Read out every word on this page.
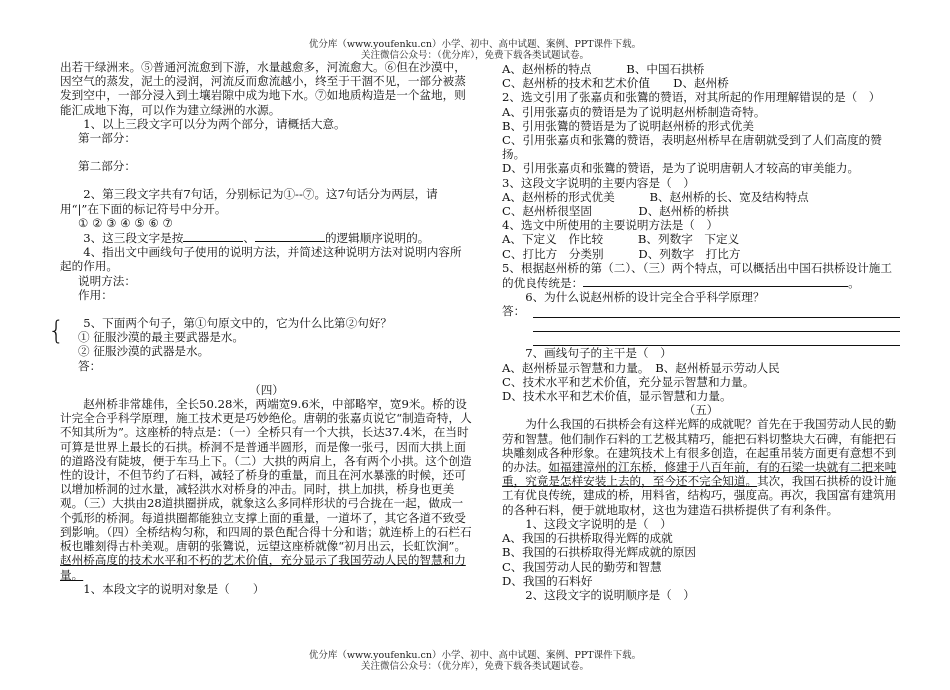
优分库（www.youfenku.cn）小学、初中、高中试题、案例、PPT课件下载。
关注微信公众号：（优分库），免费下载各类试题试卷。

出若干绿洲来。⑤普通河流愈到下游，水量越愈多，河流愈大。⑥但在沙漠中，因空气的蒸发，泥土的浸润，河流反而愈流越小，终至于干涸不见，一部分被蒸发到空中，一部分浸入到土壤岩隙中成为地下水。⑦如地质构造是一个盆地，则能汇成地下海，可以作为建立绿洲的水源。

1、以上三段文字可以分为两个部分，请概括大意。

第一部分：

第二部分：

2、第三段文字共有7句话，分别标记为①--⑦。这7句话分为两层，请用“|”在下面的标记符号中分开。

① ② ③ ④ ⑤ ⑥ ⑦

3、这三段文字是按	、	的逻辑顺序说明的。

4、指出文中画线句子使用的说明方法，并简述这种说明方法对说明内容所起的作用。

说明方法：

作用：

5、下面两个句子，第①句原文中的，它为什么比第②句好？

{	① 征服沙漠的最主要武器是水。

② 征服沙漠的武器是水。

答：

（四）

赵州桥非常雄伟，全长50.28米，两端宽9.6米，中部略窄，宽9米。桥的设计完全合乎科学原理，施工技术更是巧妙绝伦。唐朝的张嘉贞说它“制造奇特，人不知其所为”。这座桥的特点是：（一）全桥只有一个大拱，长达37.4米，在当时可算是世界上最长的石拱。桥洞不是普通半圆形，而是像一张弓，因而大拱上面的道路没有陡坡，便于车马上下。（二）大拱的两肩上，各有两个小拱。这个创造性的设计，不但节约了石料，减轻了桥身的重量，而且在河水暴涨的时候，还可以增加桥洞的过水量，减轻洪水对桥身的冲击。同时，拱上加拱，桥身也更美观。（三）大拱由28道拱圈拼成，就象这么多同样形状的弓合拢在一起，做成一个弧形的桥洞。每道拱圈都能独立支撑上面的重量，一道坏了，其它各道不致受到影响。（四）全桥结构匀称，和四周的景色配合得十分和谐；就连桥上的石栏石板也雕刻得古朴美观。唐朝的张鷟说，远望这座桥就像“初月出云，长虹饮涧”。赵州桥高度的技术水平和不朽的艺术价值，充分显示了我国劳动人民的智慧和力量。

1、本段文字的说明对象是（　　）

A、赵州桥的特点　　　B、中国石拱桥

C、赵州桥的技术和艺术价值　　D、赵州桥

2、选文引用了张嘉贞和张鷟的赞语，对其所起的作用理解错误的是（　）

A、引用张嘉贞的赞语是为了说明赵州桥制造奇特。

B、引用张鷟的赞语是为了说明赵州桥的形式优美

C、引用张嘉贞和张鷟的赞语，表明赵州桥早在唐朝就受到了人们高度的赞扬。

D、引用张嘉贞和张鷟的赞语，是为了说明唐朝人才较高的审美能力。

3、这段文字说明的主要内容是（　）

A、赵州桥的形式优美　　　B、赵州桥的长、宽及结构特点

C、赵州桥很坚固　　　　D、赵州桥的桥拱

4、选文中所使用的主要说明方法是（　）

A、下定义　作比较　　　B、列数字　下定义

C、打比方　分类别　　　D、列数字　打比方

5、根据赵州桥的第（二）、（三）两个特点，可以概括出中国石拱桥设计施工的优良传统是：	。

6、为什么说赵州桥的设计完全合乎科学原理？

答：

7、画线句子的主干是（　）

A、赵州桥显示智慧和力量。　B、赵州桥显示劳动人民

C、技术水平和艺术价值，充分显示智慧和力量。

D、技术水平和艺术价值，显示智慧和力量。

（五）

为什么我国的石拱桥会有这样光辉的成就呢？首先在于我国劳动人民的勤劳和智慧。他们制作石料的工艺极其精巧，能把石料切整块大石碑，有能把石块雕刻成各种形象。在建筑技术上有很多创造，在起重吊装方面更有意想不到的办法。如福建漳州的江东桥，修建于八百年前，有的石梁一块就有二把来吨重，究竟是怎样安装上去的，至今还不完全知道。其次，我国石拱桥的设计施工有优良传统，建成的桥，用料省，结构巧，强度高。再次，我国富有建筑用的各种石料，便于就地取材，这也为建造石拱桥提供了有利条件。

1、这段文字说明的是（　）

A、我国的石拱桥取得光辉的成就

B、我国的石拱桥取得光辉成就的原因

C、我国劳动人民的勤劳和智慧

D、我国的石料好

2、这段文字的说明顺序是（　）

优分库（www.youfenku.cn）小学、初中、高中试题、案例、PPT课件下载。
关注微信公众号：（优分库），免费下载各类试题试卷。
